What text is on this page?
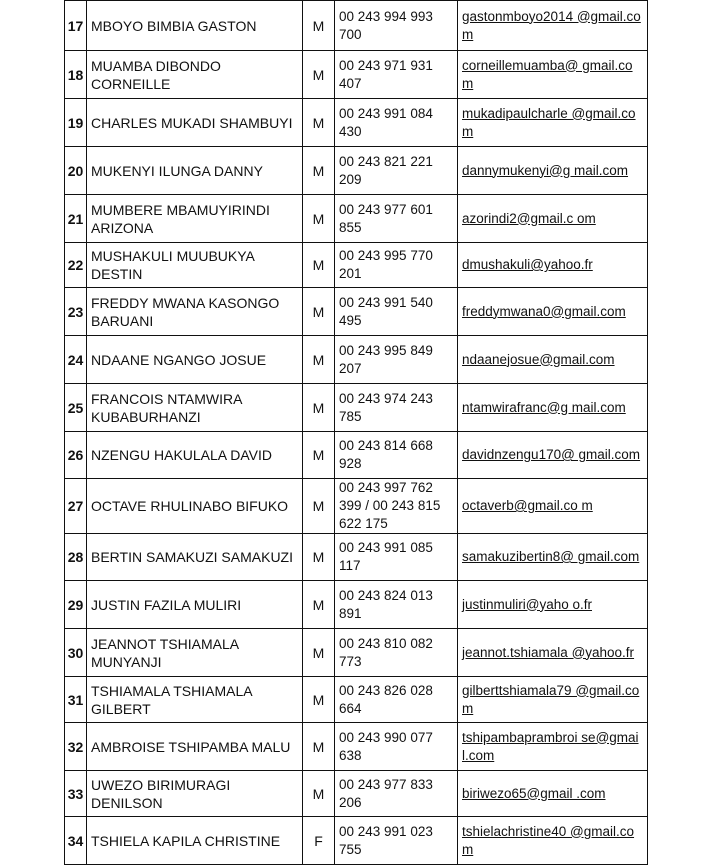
17	MBOYO BIMBIA GASTON	M	00 243 994 993 700	gastonmboyo2014 @gmail.com
18	MUAMBA DIBONDO CORNEILLE	M	00 243 971 931 407	corneillemuamba@ gmail.com
19	CHARLES MUKADI SHAMBUYI	M	00 243 991 084 430	mukadipaulcharle @gmail.com
20	MUKENYI ILUNGA DANNY	M	00 243 821 221 209	dannymukenyi@g mail.com
21	MUMBERE MBAMUYIRINDI ARIZONA	M	00 243 977 601 855	azorindi2@gmail.c om
22	MUSHAKULI MUUBUKYA DESTIN	M	00 243 995 770 201	dmushakuli@yahoo.fr
23	FREDDY MWANA KASONGO BARUANI	M	00 243 991 540 495	freddymwana0@gmail.com
24	NDAANE NGANGO JOSUE	M	00 243 995 849 207	ndaanejosue@gmail.com
25	FRANCOIS NTAMWIRA KUBABURHANZI	M	00 243 974 243 785	ntamwirafranc@g mail.com
26	NZENGU HAKULALA DAVID	M	00 243 814 668 928	davidnzengu170@ gmail.com
27	OCTAVE RHULINABO BIFUKO	M	00 243 997 762 399 / 00 243 815 622 175	octaverb@gmail.co m
28	BERTIN SAMAKUZI SAMAKUZI	M	00 243 991 085 117	samakuzibertin8@ gmail.com
29	JUSTIN FAZILA MULIRI	M	00 243 824 013 891	justinmuliri@yaho o.fr
30	JEANNOT TSHIAMALA MUNYANJI	M	00 243 810 082 773	jeannot.tshiamala @yahoo.fr
31	TSHIAMALA TSHIAMALA GILBERT	M	00 243 826 028 664	gilberttshiamala79 @gmail.com
32	AMBROISE TSHIPAMBA MALU	M	00 243 990 077 638	tshipambaprambroi se@gmail.com
33	UWEZO BIRIMURAGI DENILSON	M	00 243 977 833 206	biriwezo65@gmail .com
34	TSHIELA KAPILA CHRISTINE	F	00 243 991 023 755	tshielachristine40 @gmail.com
